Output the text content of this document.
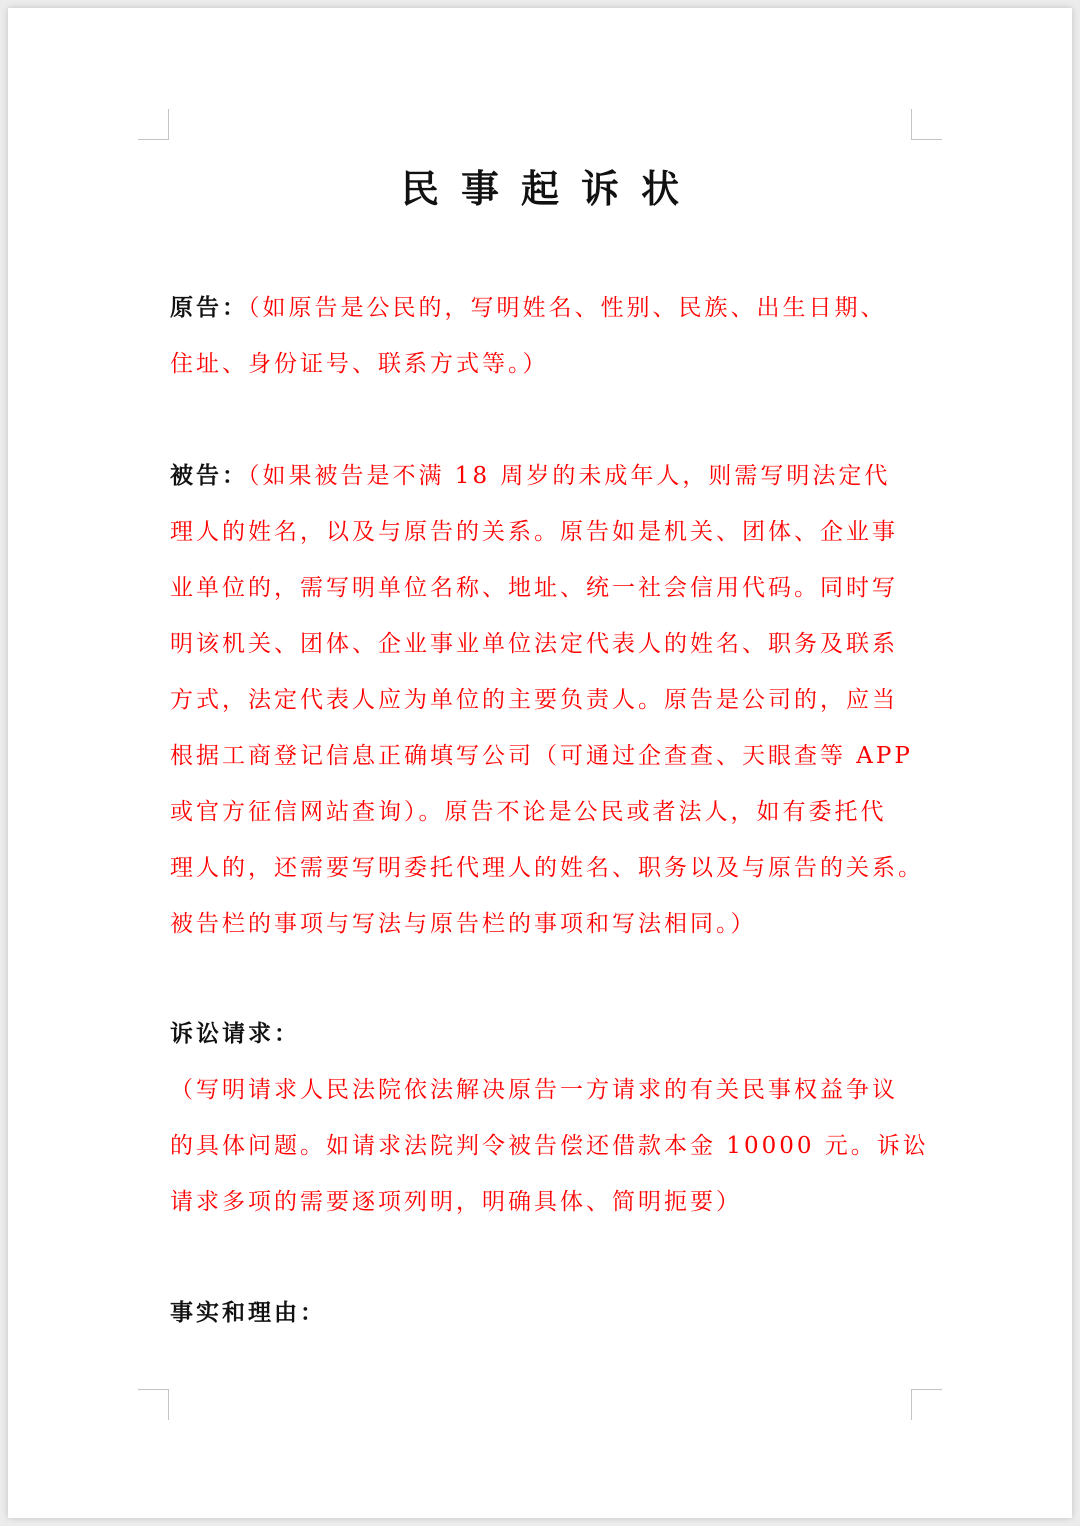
民事起诉状
原告：（如原告是公民的，写明姓名、性别、民族、出生日期、
住址、身份证号、联系方式等。）
被告：（如果被告是不满 18 周岁的未成年人，则需写明法定代
理人的姓名，以及与原告的关系。原告如是机关、团体、企业事
业单位的，需写明单位名称、地址、统一社会信用代码。同时写
明该机关、团体、企业事业单位法定代表人的姓名、职务及联系
方式，法定代表人应为单位的主要负责人。原告是公司的，应当
根据工商登记信息正确填写公司（可通过企查查、天眼查等 APP
或官方征信网站查询）。原告不论是公民或者法人，如有委托代
理人的，还需要写明委托代理人的姓名、职务以及与原告的关系。
被告栏的事项与写法与原告栏的事项和写法相同。）
诉讼请求：
（写明请求人民法院依法解决原告一方请求的有关民事权益争议
的具体问题。如请求法院判令被告偿还借款本金 10000 元。诉讼
请求多项的需要逐项列明，明确具体、简明扼要）
事实和理由：
